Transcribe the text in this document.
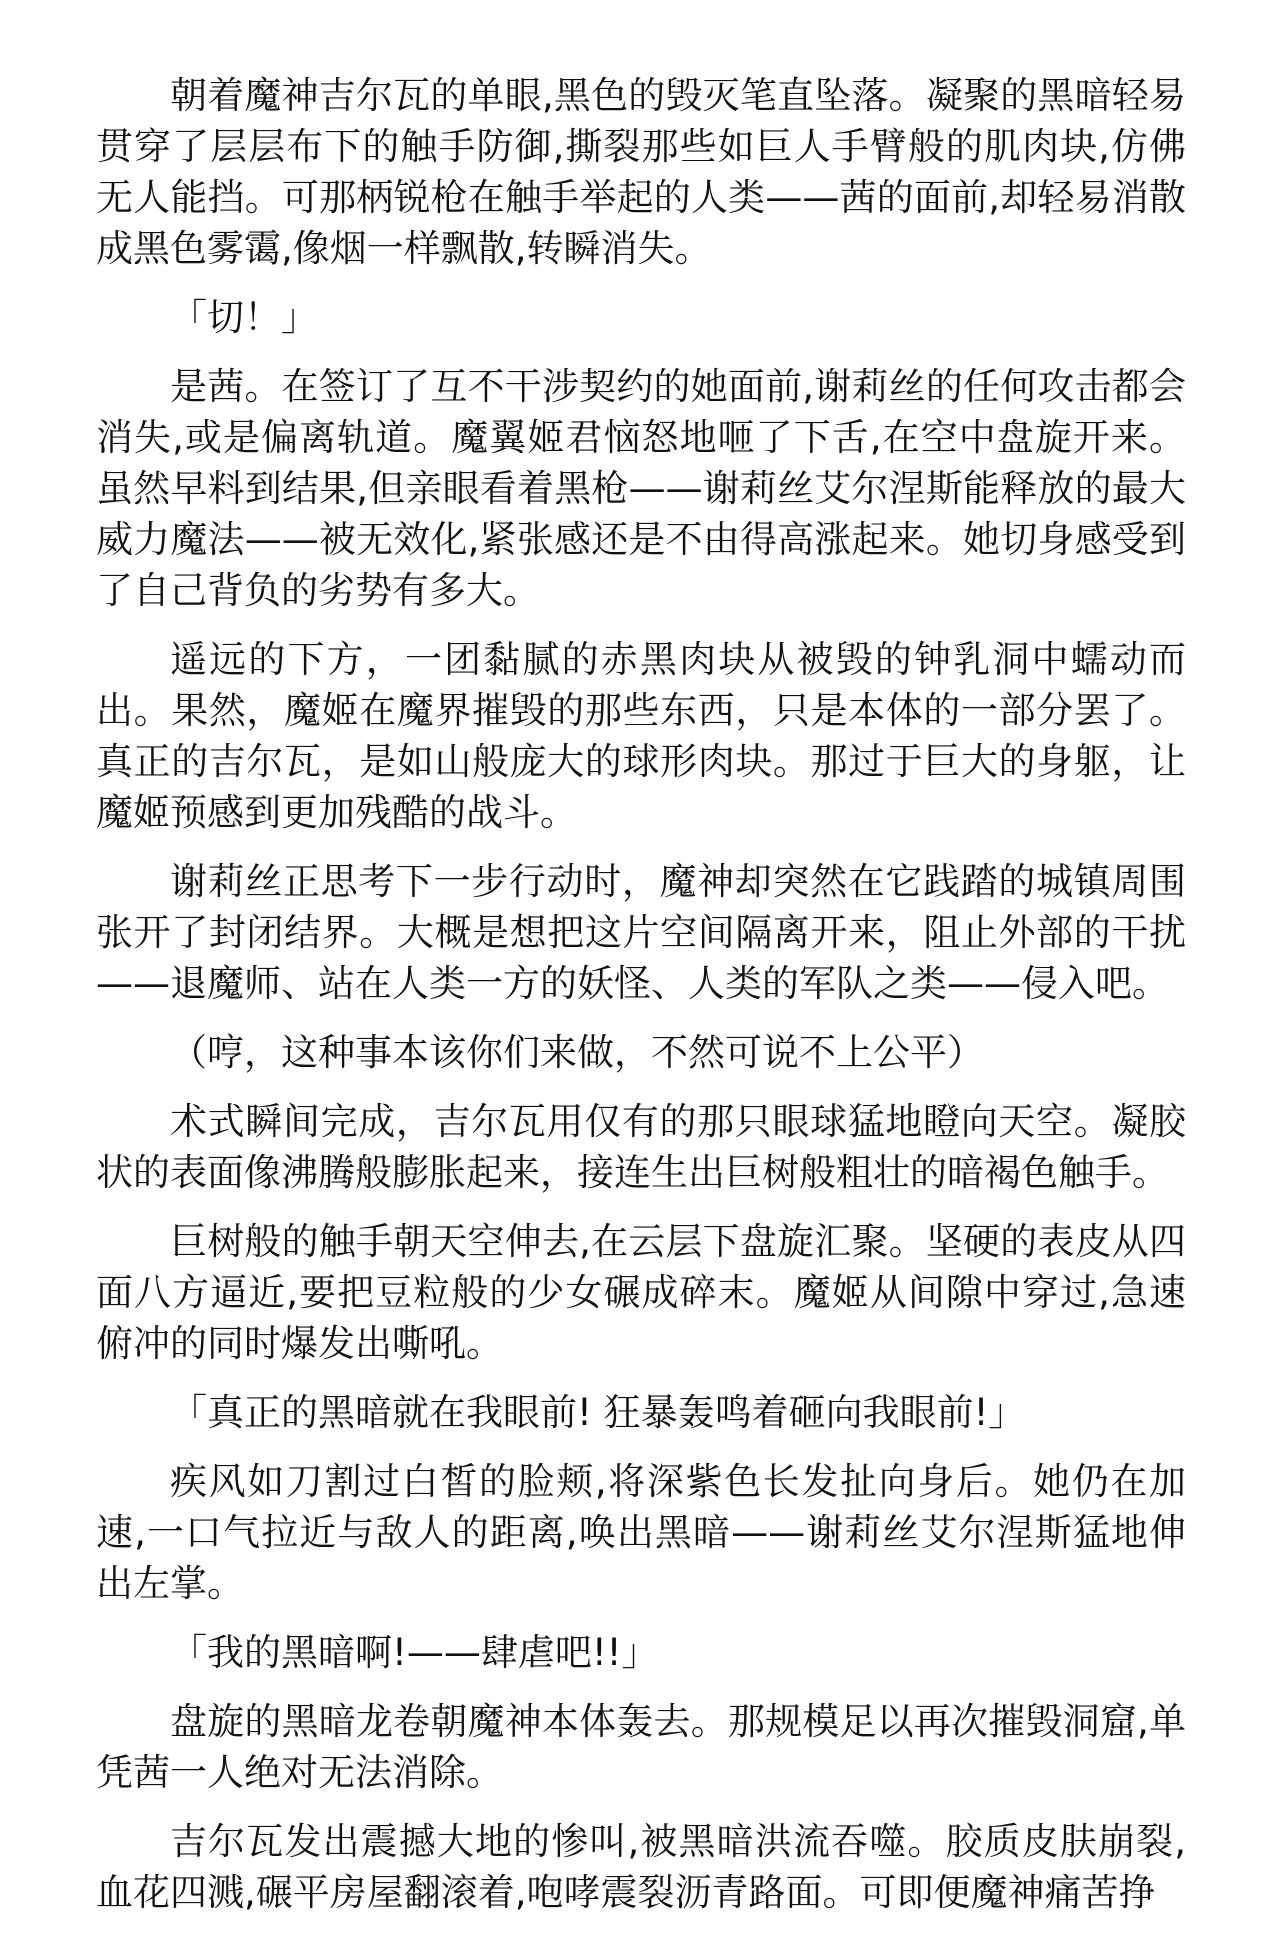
朝着魔神吉尔瓦的单眼,黑色的毁灭笔直坠落。凝聚的黑暗轻易贯穿了层层布下的触手防御,撕裂那些如巨人手臂般的肌肉块,仿佛无人能挡。可那柄锐枪在触手举起的人类——茜的面前,却轻易消散成黑色雾霭,像烟一样飘散,转瞬消失。

「切！」

是茜。在签订了互不干涉契约的她面前,谢莉丝的任何攻击都会消失,或是偏离轨道。魔翼姬君恼怒地咂了下舌,在空中盘旋开来。虽然早料到结果,但亲眼看着黑枪——谢莉丝艾尔涅斯能释放的最大威力魔法——被无效化,紧张感还是不由得高涨起来。她切身感受到了自己背负的劣势有多大。

遥远的下方，一团黏腻的赤黑肉块从被毁的钟乳洞中蠕动而出。果然，魔姬在魔界摧毁的那些东西，只是本体的一部分罢了。真正的吉尔瓦，是如山般庞大的球形肉块。那过于巨大的身躯，让魔姬预感到更加残酷的战斗。

谢莉丝正思考下一步行动时，魔神却突然在它践踏的城镇周围张开了封闭结界。大概是想把这片空间隔离开来，阻止外部的干扰——退魔师、站在人类一方的妖怪、人类的军队之类——侵入吧。

（哼，这种事本该你们来做，不然可说不上公平）

术式瞬间完成，吉尔瓦用仅有的那只眼球猛地瞪向天空。凝胶状的表面像沸腾般膨胀起来，接连生出巨树般粗壮的暗褐色触手。

巨树般的触手朝天空伸去,在云层下盘旋汇聚。坚硬的表皮从四面八方逼近,要把豆粒般的少女碾成碎末。魔姬从间隙中穿过,急速俯冲的同时爆发出嘶吼。

「真正的黑暗就在我眼前! 狂暴轰鸣着砸向我眼前!」

疾风如刀割过白皙的脸颊,将深紫色长发扯向身后。她仍在加速,一口气拉近与敌人的距离,唤出黑暗——谢莉丝艾尔涅斯猛地伸出左掌。

「我的黑暗啊!——肆虐吧!!」

盘旋的黑暗龙卷朝魔神本体轰去。那规模足以再次摧毁洞窟,单凭茜一人绝对无法消除。

吉尔瓦发出震撼大地的惨叫,被黑暗洪流吞噬。胶质皮肤崩裂,血花四溅,碾平房屋翻滚着,咆哮震裂沥青路面。可即便魔神痛苦挣
